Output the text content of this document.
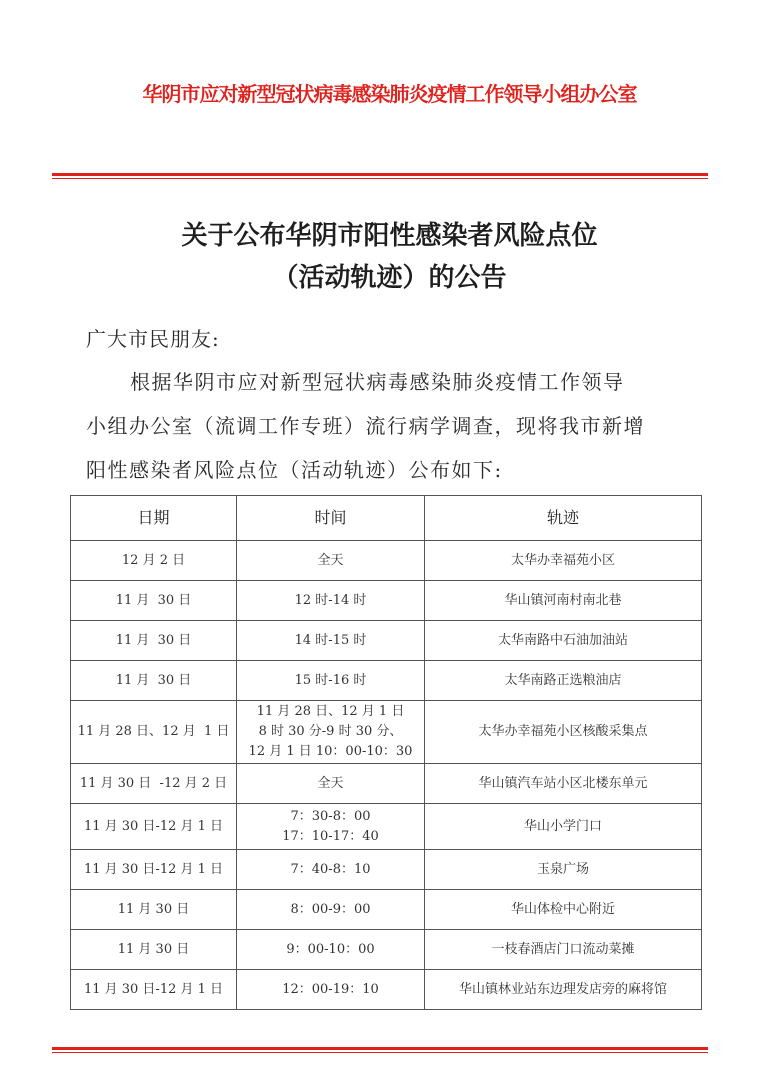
华阴市应对新型冠状病毒感染肺炎疫情工作领导小组办公室
关于公布华阴市阳性感染者风险点位
（活动轨迹）的公告
广大市民朋友:
根据华阴市应对新型冠状病毒感染肺炎疫情工作领导
小组办公室（流调工作专班）流行病学调查，现将我市新增
阳性感染者风险点位（活动轨迹）公布如下:
日期	时间	轨迹
12 月 2 日	全天	太华办幸福苑小区
11 月  30 日	12 时-14 时	华山镇河南村南北巷
11 月  30 日	14 时-15 时	太华南路中石油加油站
11 月  30 日	15 时-16 时	太华南路正选粮油店
11 月 28 日、12 月  1 日	11 月 28 日、12 月 1 日
8 时 30 分-9 时 30 分、
12 月 1 日 10：00-10：30	太华办幸福苑小区核酸采集点
11 月 30 日  -12 月 2 日	全天	华山镇汽车站小区北楼东单元
11 月 30 日-12 月 1 日	7：30-8：00
17：10-17：40	华山小学门口
11 月 30 日-12 月 1 日	7：40-8：10	玉泉广场
11 月 30 日	8：00-9：00	华山体检中心附近
11 月 30 日	9：00-10：00	一枝春酒店门口流动菜摊
11 月 30 日-12 月 1 日	12：00-19：10	华山镇林业站东边理发店旁的麻将馆
